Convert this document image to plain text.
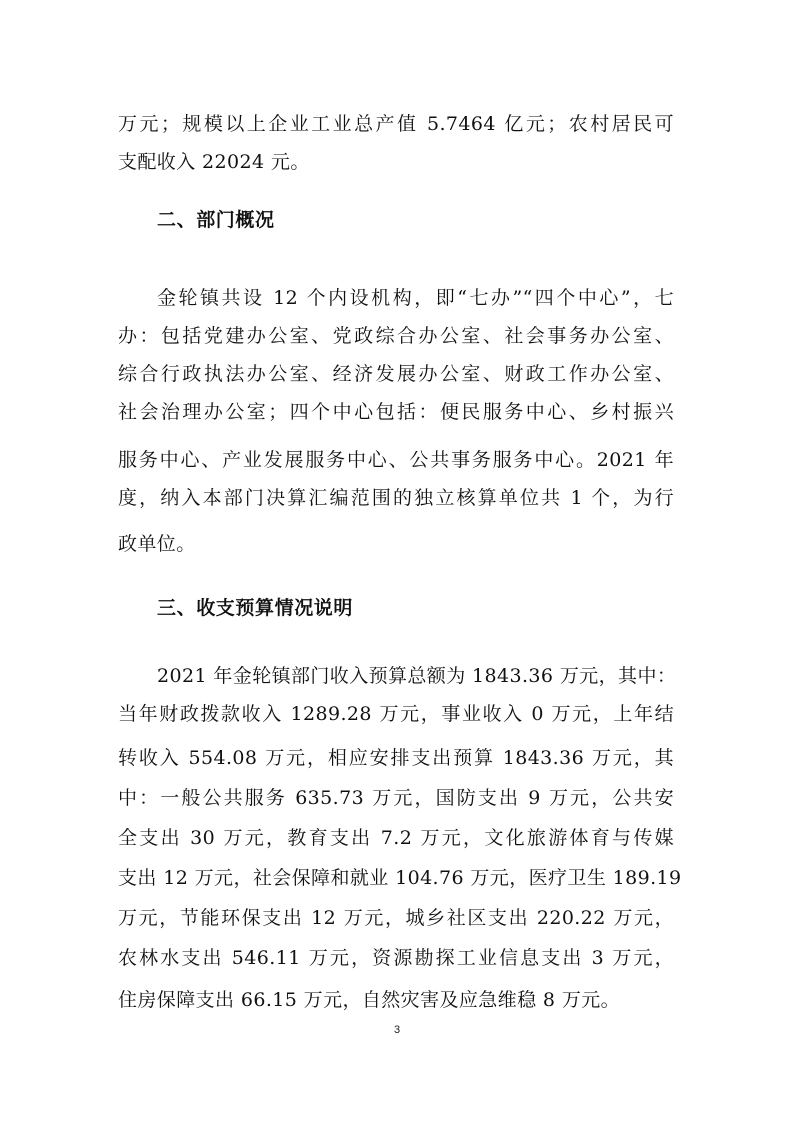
万元；规模以上企业工业总产值 5.7464 亿元；农村居民可
支配收入 22024 元。
二、部门概况
金轮镇共设 12 个内设机构，即“七办”“四个中心”，七
办：包括党建办公室、党政综合办公室、社会事务办公室、
综合行政执法办公室、经济发展办公室、财政工作办公室、
社会治理办公室；四个中心包括：便民服务中心、乡村振兴
服务中心、产业发展服务中心、公共事务服务中心。2021 年
度，纳入本部门决算汇编范围的独立核算单位共 1 个，为行
政单位。
三、收支预算情况说明
2021 年金轮镇部门收入预算总额为 1843.36 万元，其中：
当年财政拨款收入 1289.28 万元，事业收入 0 万元，上年结
转收入 554.08 万元，相应安排支出预算 1843.36 万元，其
中：一般公共服务 635.73 万元，国防支出 9 万元，公共安
全支出 30 万元，教育支出 7.2 万元，文化旅游体育与传媒
支出 12 万元，社会保障和就业 104.76 万元，医疗卫生 189.19
万元，节能环保支出 12 万元，城乡社区支出 220.22 万元，
农林水支出 546.11 万元，资源勘探工业信息支出 3 万元，
住房保障支出 66.15 万元，自然灾害及应急维稳 8 万元。
3
